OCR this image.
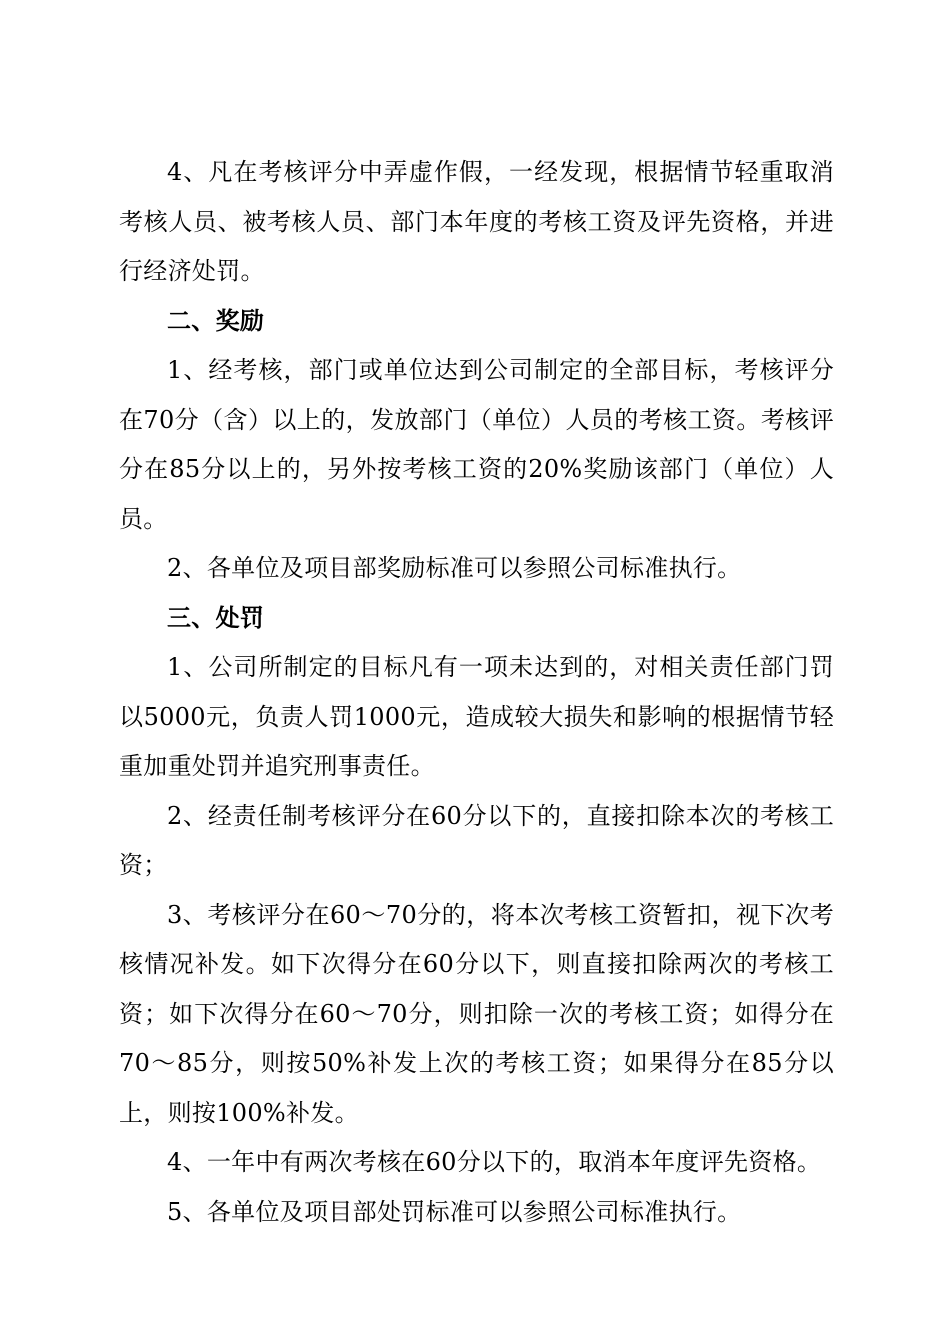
4、凡在考核评分中弄虚作假，一经发现，根据情节轻重取消考核人员、被考核人员、部门本年度的考核工资及评先资格，并进行经济处罚。

二、奖励

1、经考核，部门或单位达到公司制定的全部目标，考核评分在70分（含）以上的，发放部门（单位）人员的考核工资。考核评分在85分以上的，另外按考核工资的20%奖励该部门（单位）人员。

2、各单位及项目部奖励标准可以参照公司标准执行。

三、处罚

1、公司所制定的目标凡有一项未达到的，对相关责任部门罚以5000元，负责人罚1000元，造成较大损失和影响的根据情节轻重加重处罚并追究刑事责任。

2、经责任制考核评分在60分以下的，直接扣除本次的考核工资；

3、考核评分在60～70分的，将本次考核工资暂扣，视下次考核情况补发。如下次得分在60分以下，则直接扣除两次的考核工资；如下次得分在60～70分，则扣除一次的考核工资；如得分在70～85分，则按50%补发上次的考核工资；如果得分在85分以上，则按100%补发。

4、一年中有两次考核在60分以下的，取消本年度评先资格。

5、各单位及项目部处罚标准可以参照公司标准执行。
